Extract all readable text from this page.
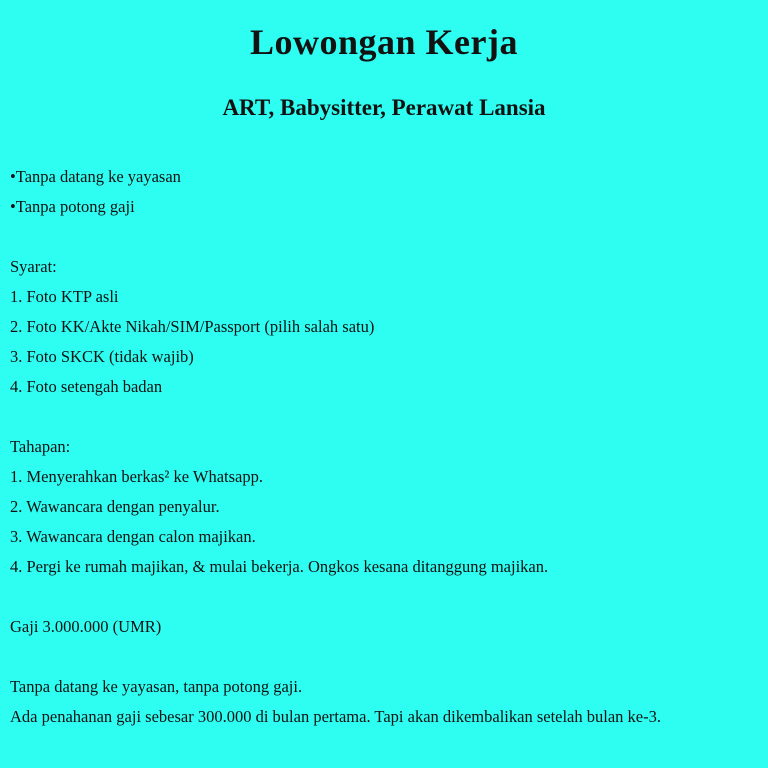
Lowongan Kerja
ART, Babysitter, Perawat Lansia

•Tanpa datang ke yayasan

•Tanpa potong gaji

Syarat:

1. Foto KTP asli

2. Foto KK/Akte Nikah/SIM/Passport (pilih salah satu)

3. Foto SKCK (tidak wajib)

4. Foto setengah badan

Tahapan:

1. Menyerahkan berkas² ke Whatsapp.

2. Wawancara dengan penyalur.

3. Wawancara dengan calon majikan.

4. Pergi ke rumah majikan, & mulai bekerja. Ongkos kesana ditanggung majikan.

Gaji 3.000.000 (UMR)

Tanpa datang ke yayasan, tanpa potong gaji.

Ada penahanan gaji sebesar 300.000 di bulan pertama. Tapi akan dikembalikan setelah bulan ke-3.
